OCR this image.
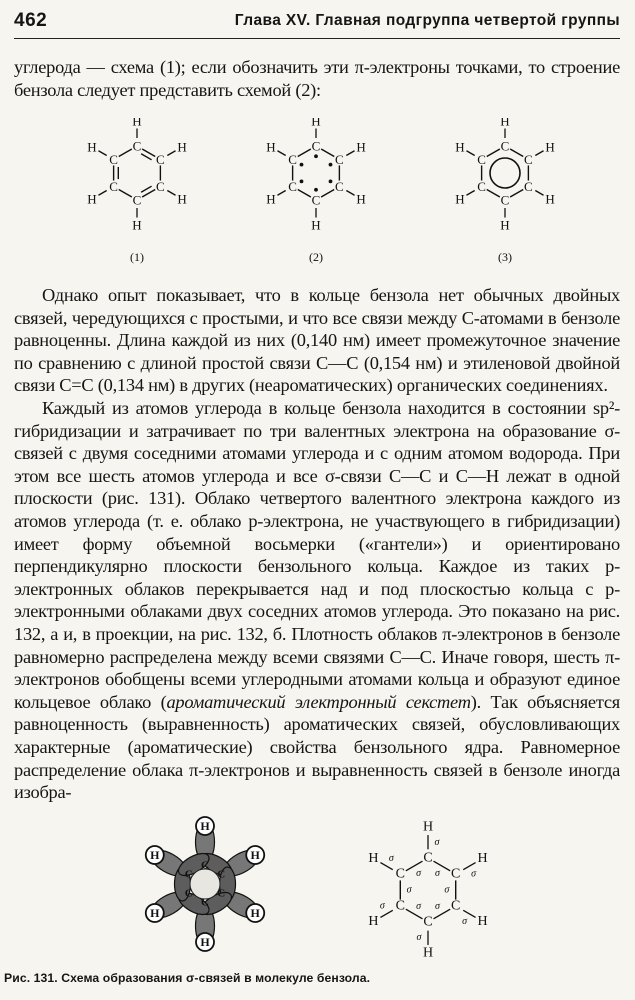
462	Глава XV. Главная подгруппа четвертой группы

углерода — схема (1); если обозначить эти π-электроны точками, то строение бензола следует представить схемой (2):

C
H
C
H
C
H
C
H
C
H
C
H
(1)
C
H
C
H
C
H
C
H
C
H
C
H
(2)
C
H
C
H
C
H
C
H
C
H
C
H
(3)

Однако опыт показывает, что в кольце бензола нет обычных двойных связей, чередующихся с простыми, и что все связи между С-атомами в бензоле равноценны. Длина каждой из них (0,140 нм) имеет промежуточное значение по сравнению с длиной простой связи С—С (0,154 нм) и этиленовой двойной связи С=С (0,134 нм) в других (неароматических) органических соединениях.

Каждый из атомов углерода в кольце бензола находится в состоянии sp²-гибридизации и затрачивает по три валентных электрона на образование σ-связей с двумя соседними атомами углерода и с одним атомом водорода. При этом все шесть атомов углерода и все σ-связи С—С и С—Н лежат в одной плоскости (рис. 131). Облако четвертого валентного электрона каждого из атомов углерода (т. е. облако p-электрона, не участвующего в гибридизации) имеет форму объемной восьмерки («гантели») и ориентировано перпендикулярно плоскости бензольного кольца. Каждое из таких p-электронных облаков перекрывается над и под плоскостью кольца с p-электронными облаками двух соседних атомов углерода. Это показано на рис. 132, а и, в проекции, на рис. 132, б. Плотность облаков π-электронов в бензоле равномерно распределена между всеми связями С—С. Иначе говоря, шесть π-электронов обобщены всеми углеродными атомами кольца и образуют единое кольцевое облако (ароматический электронный секстет). Так объясняется равноценность (выравненность) ароматических связей, обусловливающих характерные (ароматические) свойства бензольного ядра. Равномерное распределение облака π-электронов и выравненность связей в бензоле иногда изобра-

H
H
H
H
H
H
C
C
C
C
C
C	σ
σ
C
H
σ
σ
C
H
σ
σ
C
H
σ
σ
C
H
σ
σ C
H
σ
σ
C
H
Рис. 131. Схема образования σ-связей в молекуле бензола.
